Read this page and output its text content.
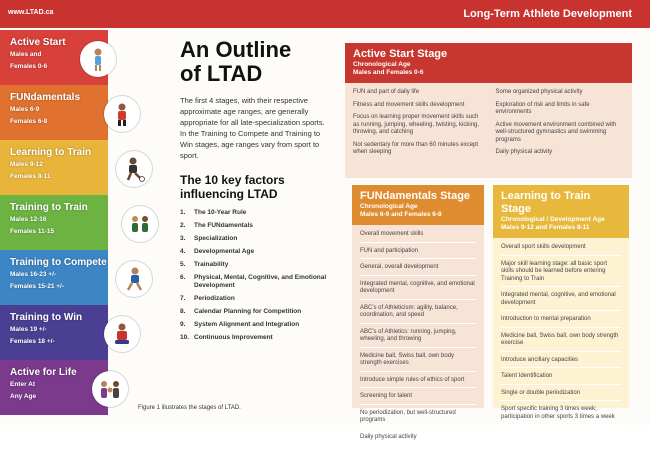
www.LTAD.ca	Long-Term Athlete Development
Active Start
Males and
Females 0-6
FUNdamentals
Males 6-9
Females 6-8
Learning to Train
Males 9-12
Females 8-11
Training to Train
Males 12-16
Females 11-15
Training to Compete
Males 16-23 +/-
Females 15-21 +/-
Training to Win
Males 19 +/-
Females 18 +/-
Active for Life
Enter At
Any Age
An Outline
of LTAD

The first 4 stages, with their respective approximate age ranges, are generally appropriate for all late-specialization sports. In the Training to Compete and Training to Win stages, age ranges vary from sport to sport.

The 10 key factors
influencing LTAD
1.	The 10-Year Rule
2.	The FUNdamentals
3.	Specialization
4.	Developmental Age
5.	Trainability
6.	Physical, Mental, Cognitive, and Emotional Development
7.	Periodization
8.	Calendar Planning for Competition
9.	System Alignment and Integration
10. Continuous Improvement
Figure 1 illustrates the stages of LTAD.
Active Start Stage
Chronological Age
Males and Females 0-6
FUN and part of daily life
Fitness and movement skills development
Focus on learning proper movement skills such as running, jumping, wheeling, twisting, kicking, throwing, and catching
Not sedentary for more than 60 minutes except when sleeping
Some organized physical activity
Exploration of risk and limits in safe environments
Active movement environment combined with well-structured gymnastics and swimming programs
Daily physical activity
FUNdamentals Stage
Chronological Age
Males 6-9 and Females 6-8
Overall movement skills
FUN and participation
General, overall development
Integrated mental, cognitive, and emotional development
ABC's of Athleticism: agility, balance, coordination, and speed
ABC's of Athletics: running, jumping, wheeling, and throwing
Medicine ball, Swiss ball, own body strength exercises
Introduce simple rules of ethics of sport
Screening for talent
No periodization, but well-structured programs
Daily physical activity
Learning to Train Stage
Chronological / Development Age
Males 9-12 and Females 8-11
Overall sport skills development
Major skill learning stage: all basic sport skills should be learned before entering Training to Train
Integrated mental, cognitive, and emotional development
Introduction to mental preparation
Medicine ball, Swiss ball, own body strength exercise
Introduce ancillary capacities
Talent Identification
Single or double periodization
Sport specific training 3 times week; participation in other sports 3 times a week
